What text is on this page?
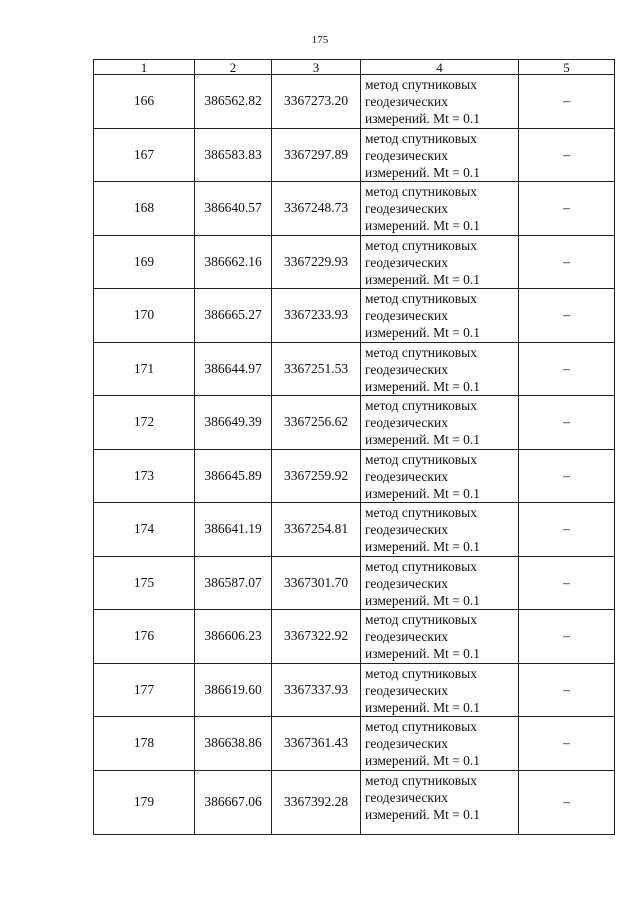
175
1	2	3	4	5
166	386562.82	3367273.20	метод спутниковых
геодезических
измерений. Mt = 0.1	–
167	386583.83	3367297.89	метод спутниковых
геодезических
измерений. Mt = 0.1	–
168	386640.57	3367248.73	метод спутниковых
геодезических
измерений. Mt = 0.1	–
169	386662.16	3367229.93	метод спутниковых
геодезических
измерений. Mt = 0.1	–
170	386665.27	3367233.93	метод спутниковых
геодезических
измерений. Mt = 0.1	–
171	386644.97	3367251.53	метод спутниковых
геодезических
измерений. Mt = 0.1	–
172	386649.39	3367256.62	метод спутниковых
геодезических
измерений. Mt = 0.1	–
173	386645.89	3367259.92	метод спутниковых
геодезических
измерений. Mt = 0.1	–
174	386641.19	3367254.81	метод спутниковых
геодезических
измерений. Mt = 0.1	–
175	386587.07	3367301.70	метод спутниковых
геодезических
измерений. Mt = 0.1	–
176	386606.23	3367322.92	метод спутниковых
геодезических
измерений. Mt = 0.1	–
177	386619.60	3367337.93	метод спутниковых
геодезических
измерений. Mt = 0.1	–
178	386638.86	3367361.43	метод спутниковых
геодезических
измерений. Mt = 0.1	–
179	386667.06	3367392.28	метод спутниковых
геодезических
измерений. Mt = 0.1	–
